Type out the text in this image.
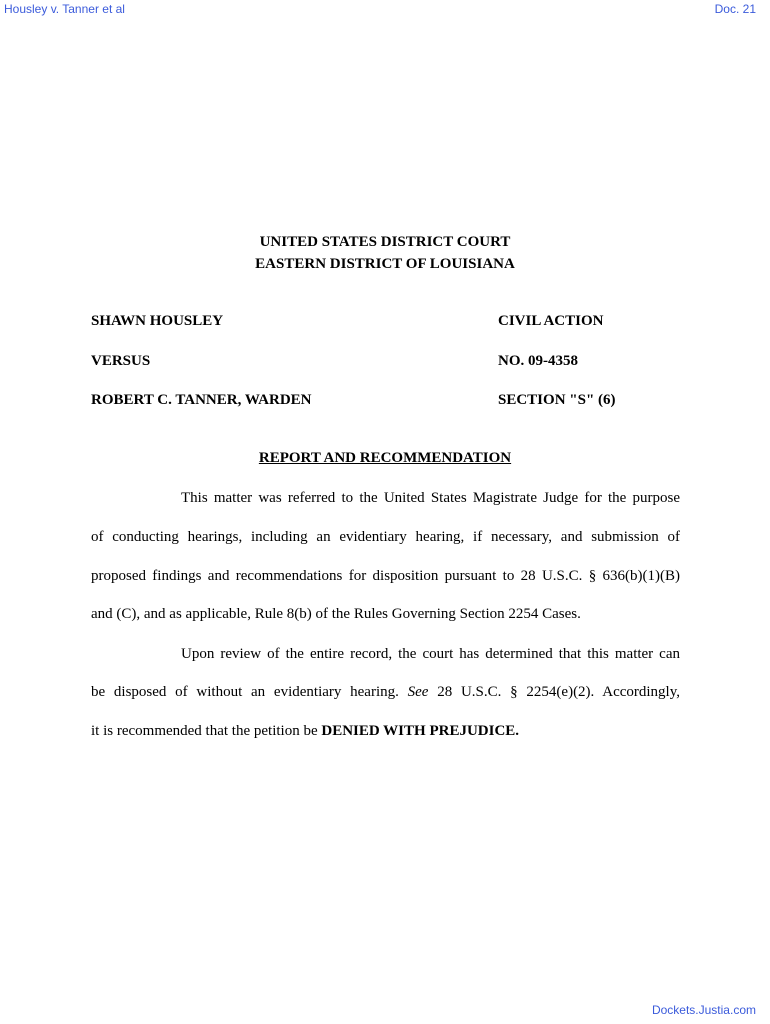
Housley v. Tanner et al	Doc. 21
UNITED STATES DISTRICT COURT
EASTERN DISTRICT OF LOUISIANA
SHAWN HOUSLEY
VERSUS
ROBERT C. TANNER, WARDEN
CIVIL ACTION
NO. 09-4358
SECTION "S" (6)
REPORT AND RECOMMENDATION
This matter was referred to the United States Magistrate Judge for the purpose
of conducting hearings, including an evidentiary hearing, if necessary, and submission of
proposed findings and recommendations for disposition pursuant to 28 U.S.C. § 636(b)(1)(B)
and (C), and as applicable, Rule 8(b) of the Rules Governing Section 2254 Cases.
Upon review of the entire record, the court has determined that this matter can
be disposed of without an evidentiary hearing. See 28 U.S.C. § 2254(e)(2). Accordingly,
it is recommended that the petition be DENIED WITH PREJUDICE.
Dockets.Justia.com
